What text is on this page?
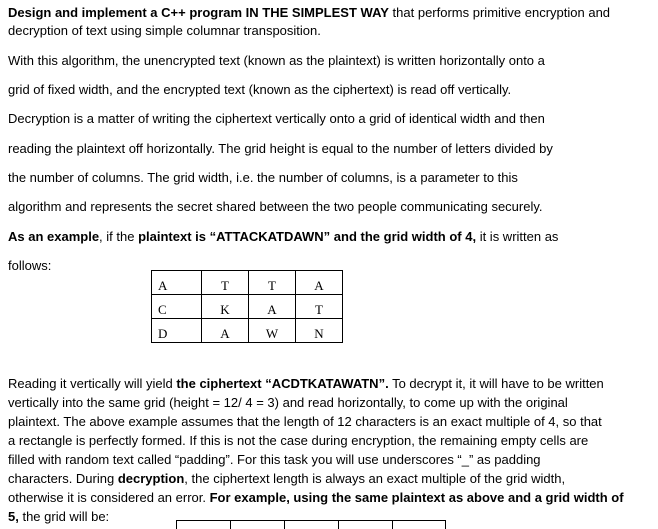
Design and implement a C++ program IN THE SIMPLEST WAY that performs primitive encryption and
decryption of text using simple columnar transposition.
With this algorithm, the unencrypted text (known as the plaintext) is written horizontally onto a
grid of fixed width, and the encrypted text (known as the ciphertext) is read off vertically.
Decryption is a matter of writing the ciphertext vertically onto a grid of identical width and then
reading the plaintext off horizontally. The grid height is equal to the number of letters divided by
the number of columns. The grid width, i.e. the number of columns, is a parameter to this
algorithm and represents the secret shared between the two people communicating securely.
As an example, if the plaintext is “ATTACKATDAWN” and the grid width of 4, it is written as
follows:
A	T	T	A
C	K	A	T
D	A	W	N
Reading it vertically will yield the ciphertext “ACDTKATAWATN”. To decrypt it, it will have to be written
vertically into the same grid (height = 12/ 4 = 3) and read horizontally, to come up with the original
plaintext. The above example assumes that the length of 12 characters is an exact multiple of 4, so that
a rectangle is perfectly formed. If this is not the case during encryption, the remaining empty cells are
filled with random text called “padding”. For this task you will use underscores “_” as padding
characters. During decryption, the ciphertext length is always an exact multiple of the grid width,
otherwise it is considered an error. For example, using the same plaintext as above and a grid width of
5, the grid will be:
